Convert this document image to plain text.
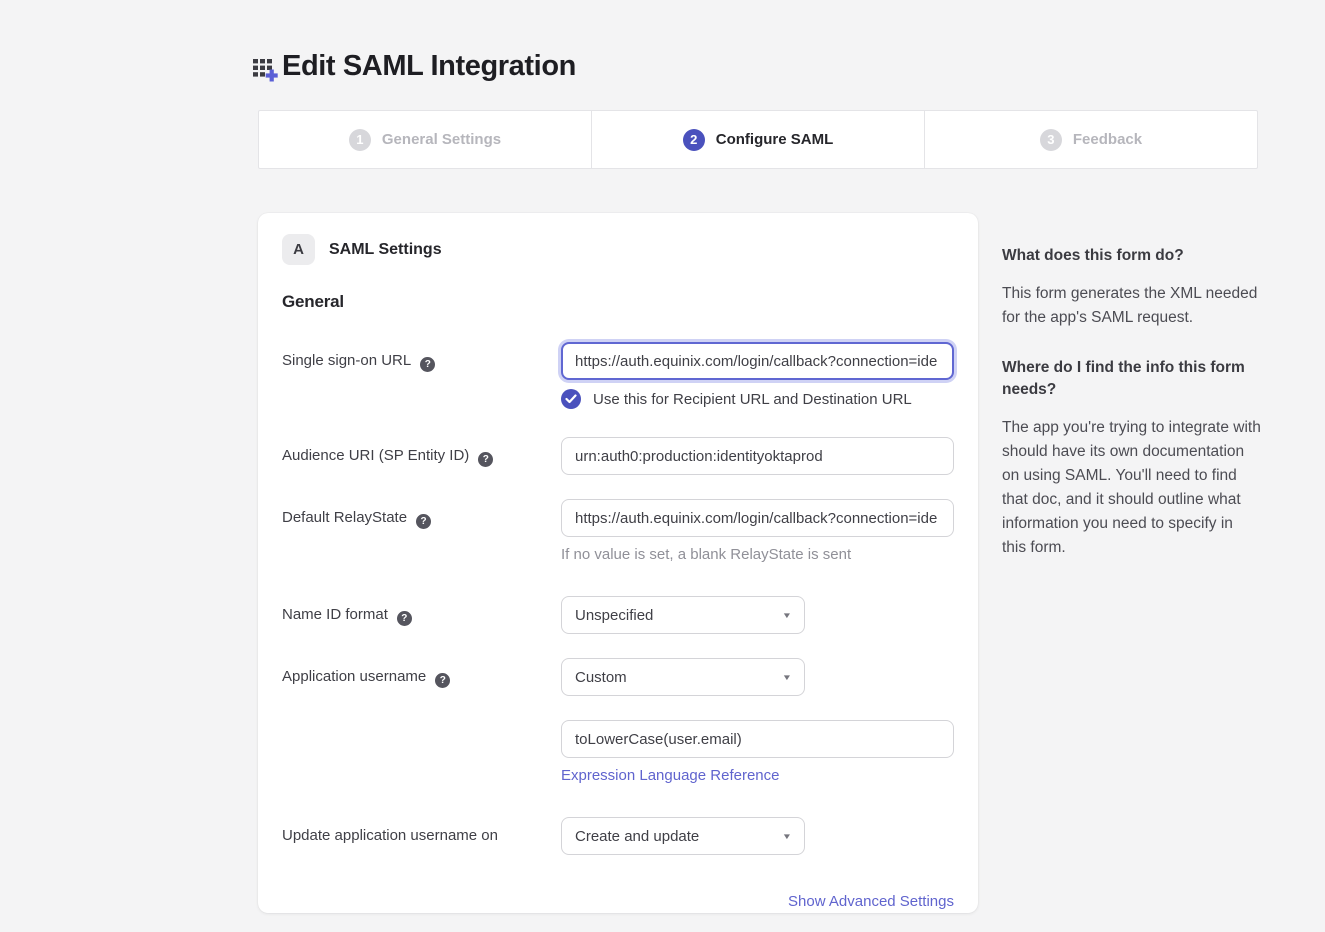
Edit SAML Integration
1	General Settings	2	Configure SAML	3	Feedback
A	SAML Settings
General
Single sign-on URL ?
https://auth.equinix.com/login/callback?connection=ide
Use this for Recipient URL and Destination URL
Audience URI (SP Entity ID) ?
urn:auth0:production:identityoktaprod
Default RelayState ?
https://auth.equinix.com/login/callback?connection=ide
If no value is set, a blank RelayState is sent
Name ID format ?	Unspecified	▼
Application username ?	Custom	▼
toLowerCase(user.email)
Expression Language Reference
Update application username on	Create and update	▼
Show Advanced Settings
What does this form do?

This form generates the XML needed for the app's SAML request.

Where do I find the info this form needs?

The app you're trying to integrate with should have its own documentation on using SAML. You'll need to find that doc, and it should outline what information you need to specify in this form.
